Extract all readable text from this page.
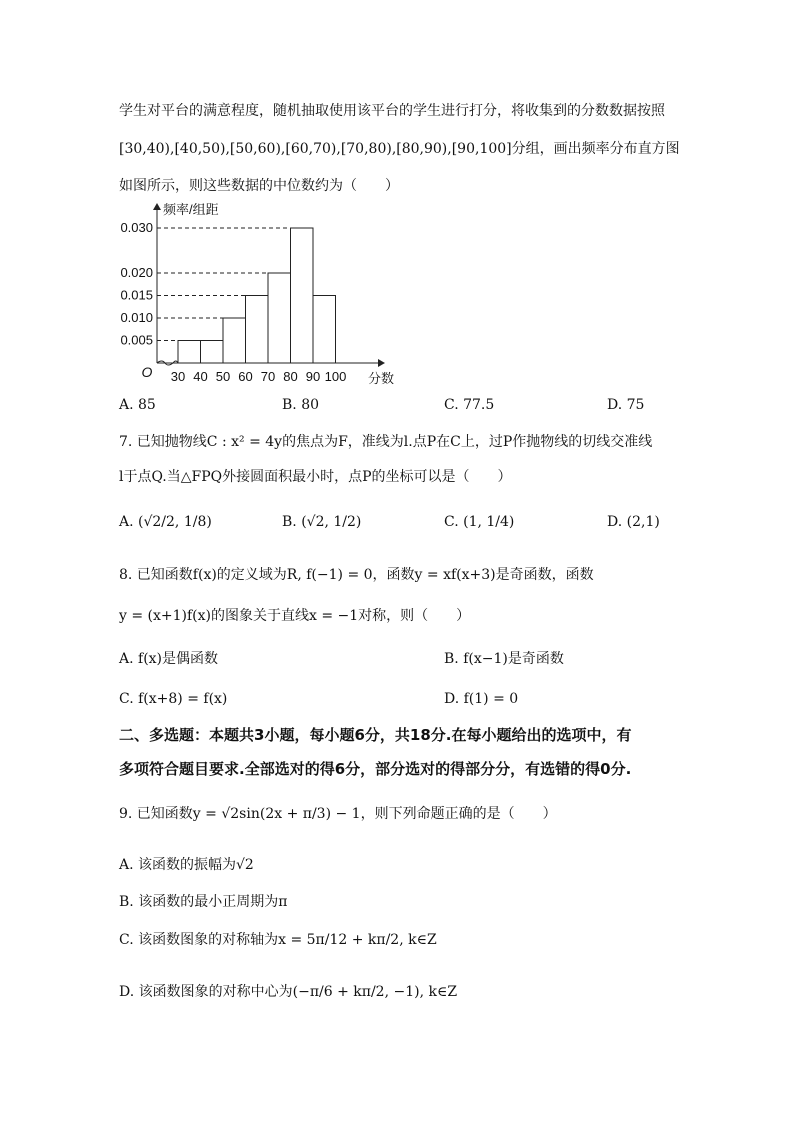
学生对平台的满意程度，随机抽取使用该平台的学生进行打分，将收集到的分数数据按照
[30,40),[40,50),[50,60),[60,70),[70,80),[80,90),[90,100]分组，画出频率分布直方图
如图所示，则这些数据的中位数约为（　　）
0.005
0.010
0.015
0.020
0.030
30 40 50 60 70 80 90 100
O
频率/组距
分数
A. 85	B. 80	C. 77.5	D. 75
7. 已知抛物线C : x² = 4y的焦点为F，准线为l.点P在C上，过P作抛物线的切线交准线
l于点Q.当△FPQ外接圆面积最小时，点P的坐标可以是（　　）
A. (√2/2, 1/8)	B. (√2, 1/2)	C. (1, 1/4)	D. (2,1)
8. 已知函数f(x)的定义域为R, f(−1) = 0，函数y = xf(x+3)是奇函数，函数
y = (x+1)f(x)的图象关于直线x = −1对称，则（　　）
A. f(x)是偶函数	B. f(x−1)是奇函数
C. f(x+8) = f(x)	D. f(1) = 0
二、多选题：本题共3小题，每小题6分，共18分.在每小题给出的选项中，有
多项符合题目要求.全部选对的得6分，部分选对的得部分分，有选错的得0分.
9. 已知函数y = √2sin(2x + π/3) − 1，则下列命题正确的是（　　）
A. 该函数的振幅为√2
B. 该函数的最小正周期为π
C. 该函数图象的对称轴为x = 5π/12 + kπ/2, k∈Z
D. 该函数图象的对称中心为(−π/6 + kπ/2, −1), k∈Z
